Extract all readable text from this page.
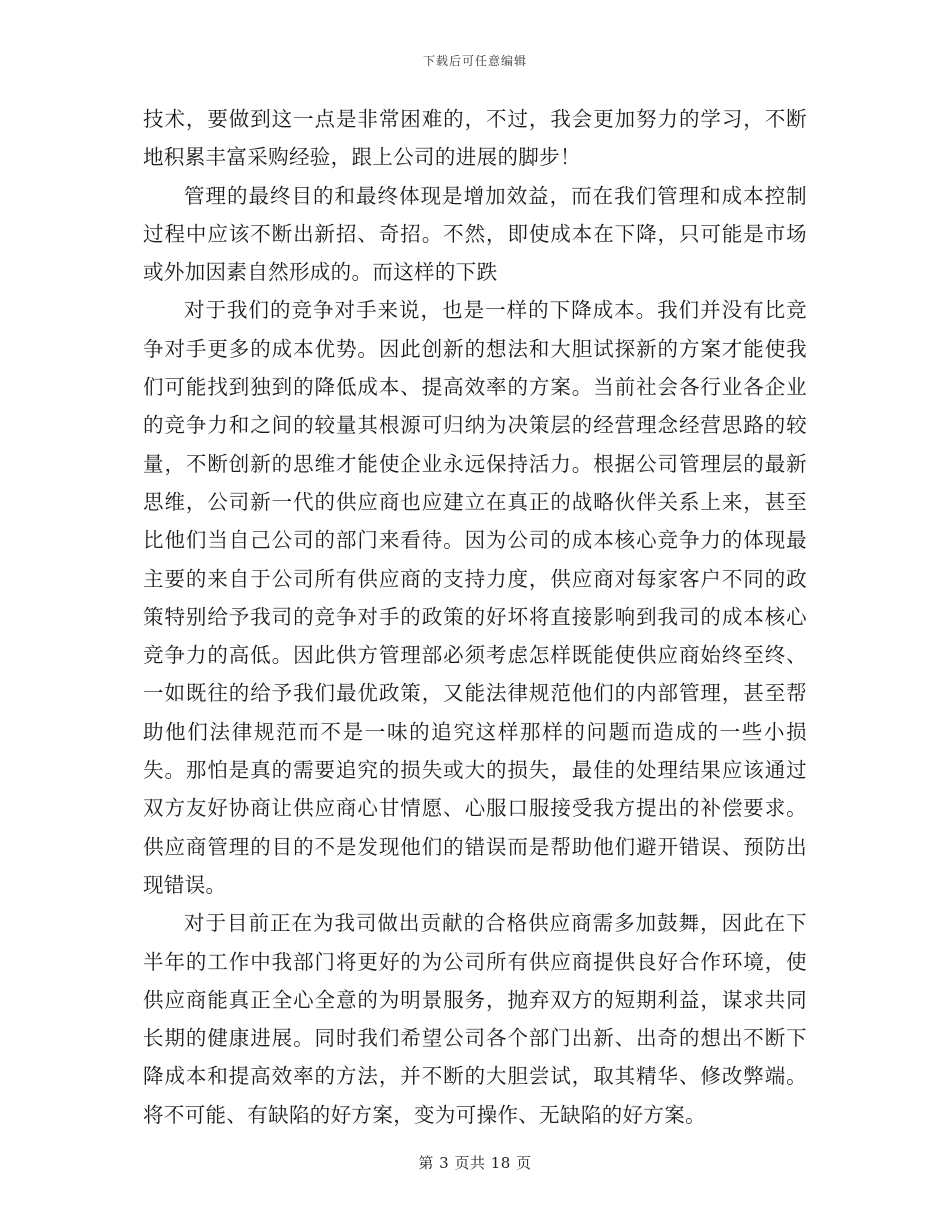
下载后可任意编辑

技术，要做到这一点是非常困难的，不过，我会更加努力的学习，不断地积累丰富采购经验，跟上公司的进展的脚步！

管理的最终目的和最终体现是增加效益，而在我们管理和成本控制过程中应该不断出新招、奇招。不然，即使成本在下降，只可能是市场或外加因素自然形成的。而这样的下跌

对于我们的竞争对手来说，也是一样的下降成本。我们并没有比竞争对手更多的成本优势。因此创新的想法和大胆试探新的方案才能使我们可能找到独到的降低成本、提高效率的方案。当前社会各行业各企业的竞争力和之间的较量其根源可归纳为决策层的经营理念经营思路的较量，不断创新的思维才能使企业永远保持活力。根据公司管理层的最新思维，公司新一代的供应商也应建立在真正的战略伙伴关系上来，甚至比他们当自己公司的部门来看待。因为公司的成本核心竞争力的体现最主要的来自于公司所有供应商的支持力度，供应商对每家客户不同的政策特别给予我司的竞争对手的政策的好坏将直接影响到我司的成本核心竞争力的高低。因此供方管理部必须考虑怎样既能使供应商始终至终、一如既往的给予我们最优政策，又能法律规范他们的内部管理，甚至帮助他们法律规范而不是一味的追究这样那样的问题而造成的一些小损失。那怕是真的需要追究的损失或大的损失，最佳的处理结果应该通过双方友好协商让供应商心甘情愿、心服口服接受我方提出的补偿要求。供应商管理的目的不是发现他们的错误而是帮助他们避开错误、预防出现错误。

对于目前正在为我司做出贡献的合格供应商需多加鼓舞，因此在下半年的工作中我部门将更好的为公司所有供应商提供良好合作环境，使供应商能真正全心全意的为明景服务，抛弃双方的短期利益，谋求共同长期的健康进展。同时我们希望公司各个部门出新、出奇的想出不断下降成本和提高效率的方法，并不断的大胆尝试，取其精华、修改弊端。将不可能、有缺陷的好方案，变为可操作、无缺陷的好方案。

第 3 页共 18 页
